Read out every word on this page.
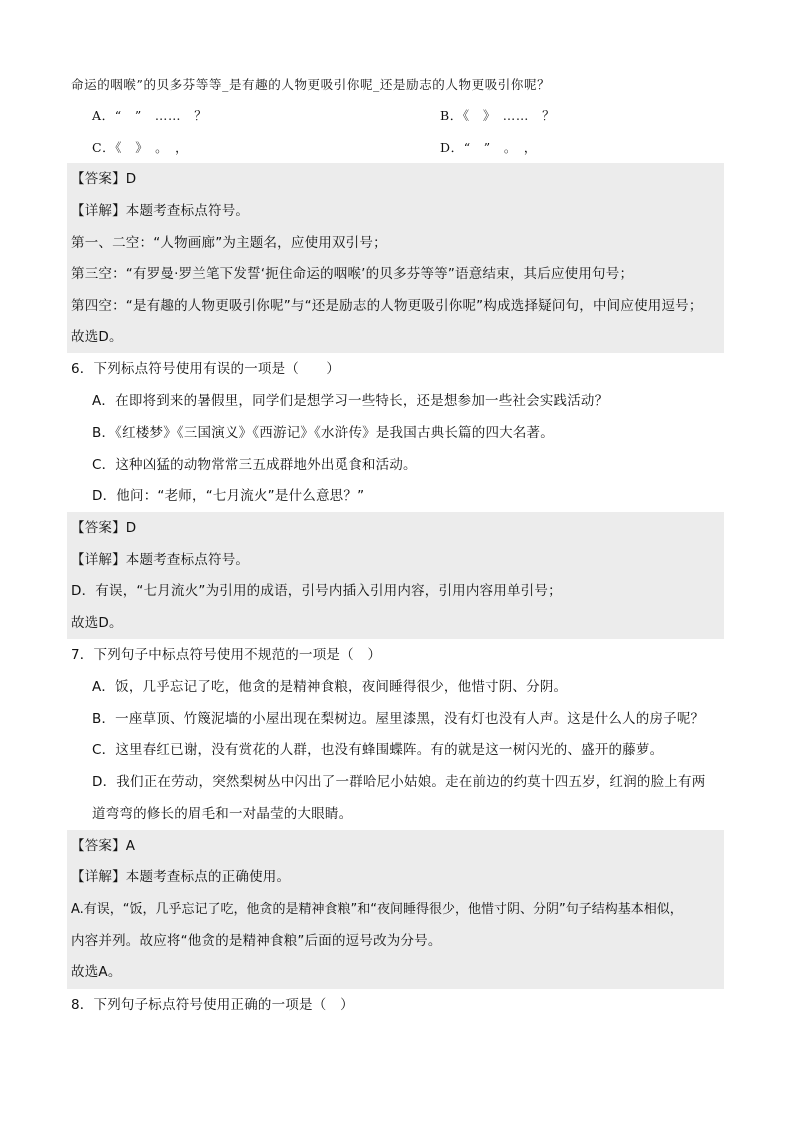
命运的咽喉”的贝多芬等等_是有趣的人物更吸引你呢_还是励志的人物更吸引你呢？
A．“　”　……　？	B．《　》　……　？
C．《　》　。　，	D．“　”　。　，
【答案】D
【详解】本题考查标点符号。
第一、二空：“人物画廊”为主题名，应使用双引号；
第三空：“有罗曼·罗兰笔下发誓‘扼住命运的咽喉’的贝多芬等等”语意结束，其后应使用句号；
第四空：“是有趣的人物更吸引你呢”与“还是励志的人物更吸引你呢”构成选择疑问句，中间应使用逗号；
故选D。
6．下列标点符号使用有误的一项是（　　）
A．在即将到来的暑假里，同学们是想学习一些特长，还是想参加一些社会实践活动？
B．《红楼梦》《三国演义》《西游记》《水浒传》是我国古典长篇的四大名著。
C．这种凶猛的动物常常三五成群地外出觅食和活动。
D．他问：“老师，“七月流火”是什么意思？”
【答案】D
【详解】本题考查标点符号。
D．有误，“七月流火”为引用的成语，引号内插入引用内容，引用内容用单引号；
故选D。
7．下列句子中标点符号使用不规范的一项是（　）
A．饭，几乎忘记了吃，他贪的是精神食粮，夜间睡得很少，他惜寸阴、分阴。
B．一座草顶、竹篾泥墙的小屋出现在梨树边。屋里漆黑，没有灯也没有人声。这是什么人的房子呢？
C．这里春红已谢，没有赏花的人群，也没有蜂围蝶阵。有的就是这一树闪光的、盛开的藤萝。
D．我们正在劳动，突然梨树丛中闪出了一群哈尼小姑娘。走在前边的约莫十四五岁，红润的脸上有两
道弯弯的修长的眉毛和一对晶莹的大眼睛。
【答案】A
【详解】本题考查标点的正确使用。
A.有误，“饭，几乎忘记了吃，他贪的是精神食粮”和“夜间睡得很少，他惜寸阴、分阴”句子结构基本相似，
内容并列。故应将“他贪的是精神食粮”后面的逗号改为分号。
故选A。
8．下列句子标点符号使用正确的一项是（　）
